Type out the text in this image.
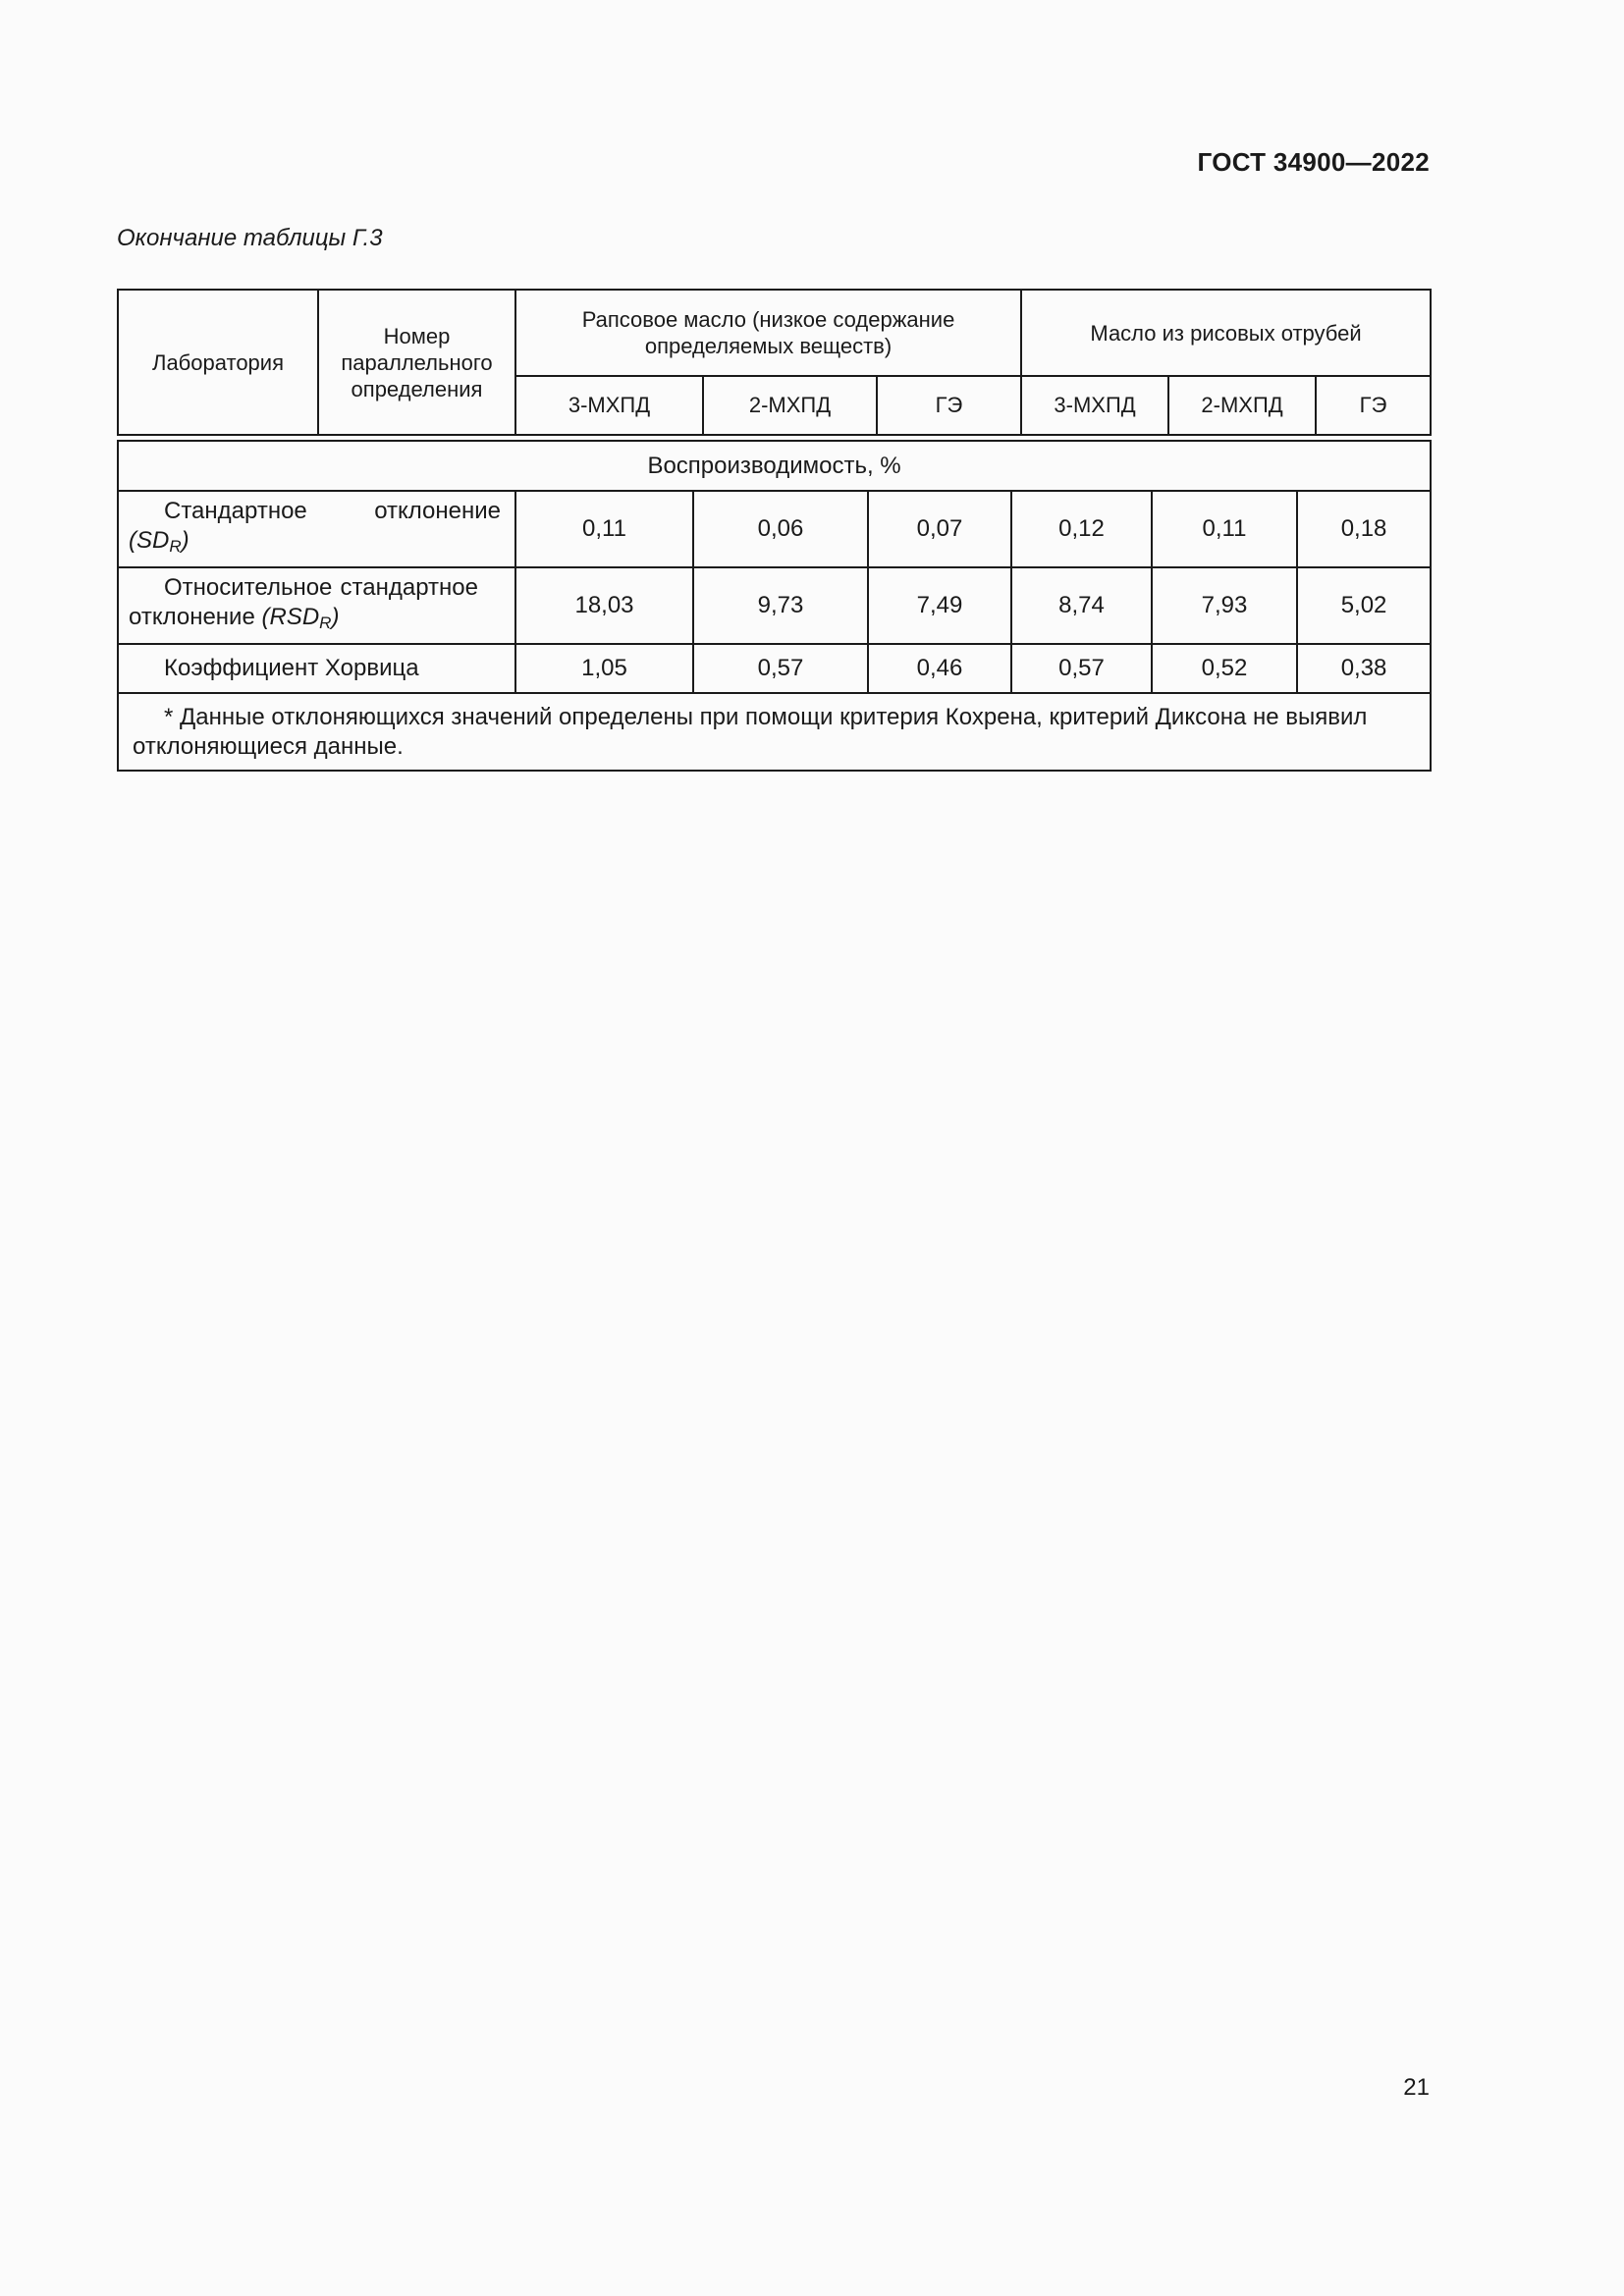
ГОСТ 34900—2022
Окончание таблицы Г.3
Лаборатория	Номер параллельного определения	Рапсовое масло (низкое содержание определяемых веществ)			Масло из рисовых отрубей		
		3-МХПД	2-МХПД	ГЭ	3-МХПД	2-МХПД	ГЭ
Воспроизводимость, %						

Стандартное отклонение

$(SD_R)$	0,11	0,06	0,07	0,12	0,11	0,18

Относительное стандартное
отклонение $(RSD_R)$	18,03	9,73	7,49	8,74	7,93	5,02
Коэффициент Хорвица	1,05	0,57	0,46	0,57	0,52	0,38
* Данные отклоняющихся значений определены при помощи критерия Кохрена, критерий Диксона не выявил отклоняющиеся данные.						
21
